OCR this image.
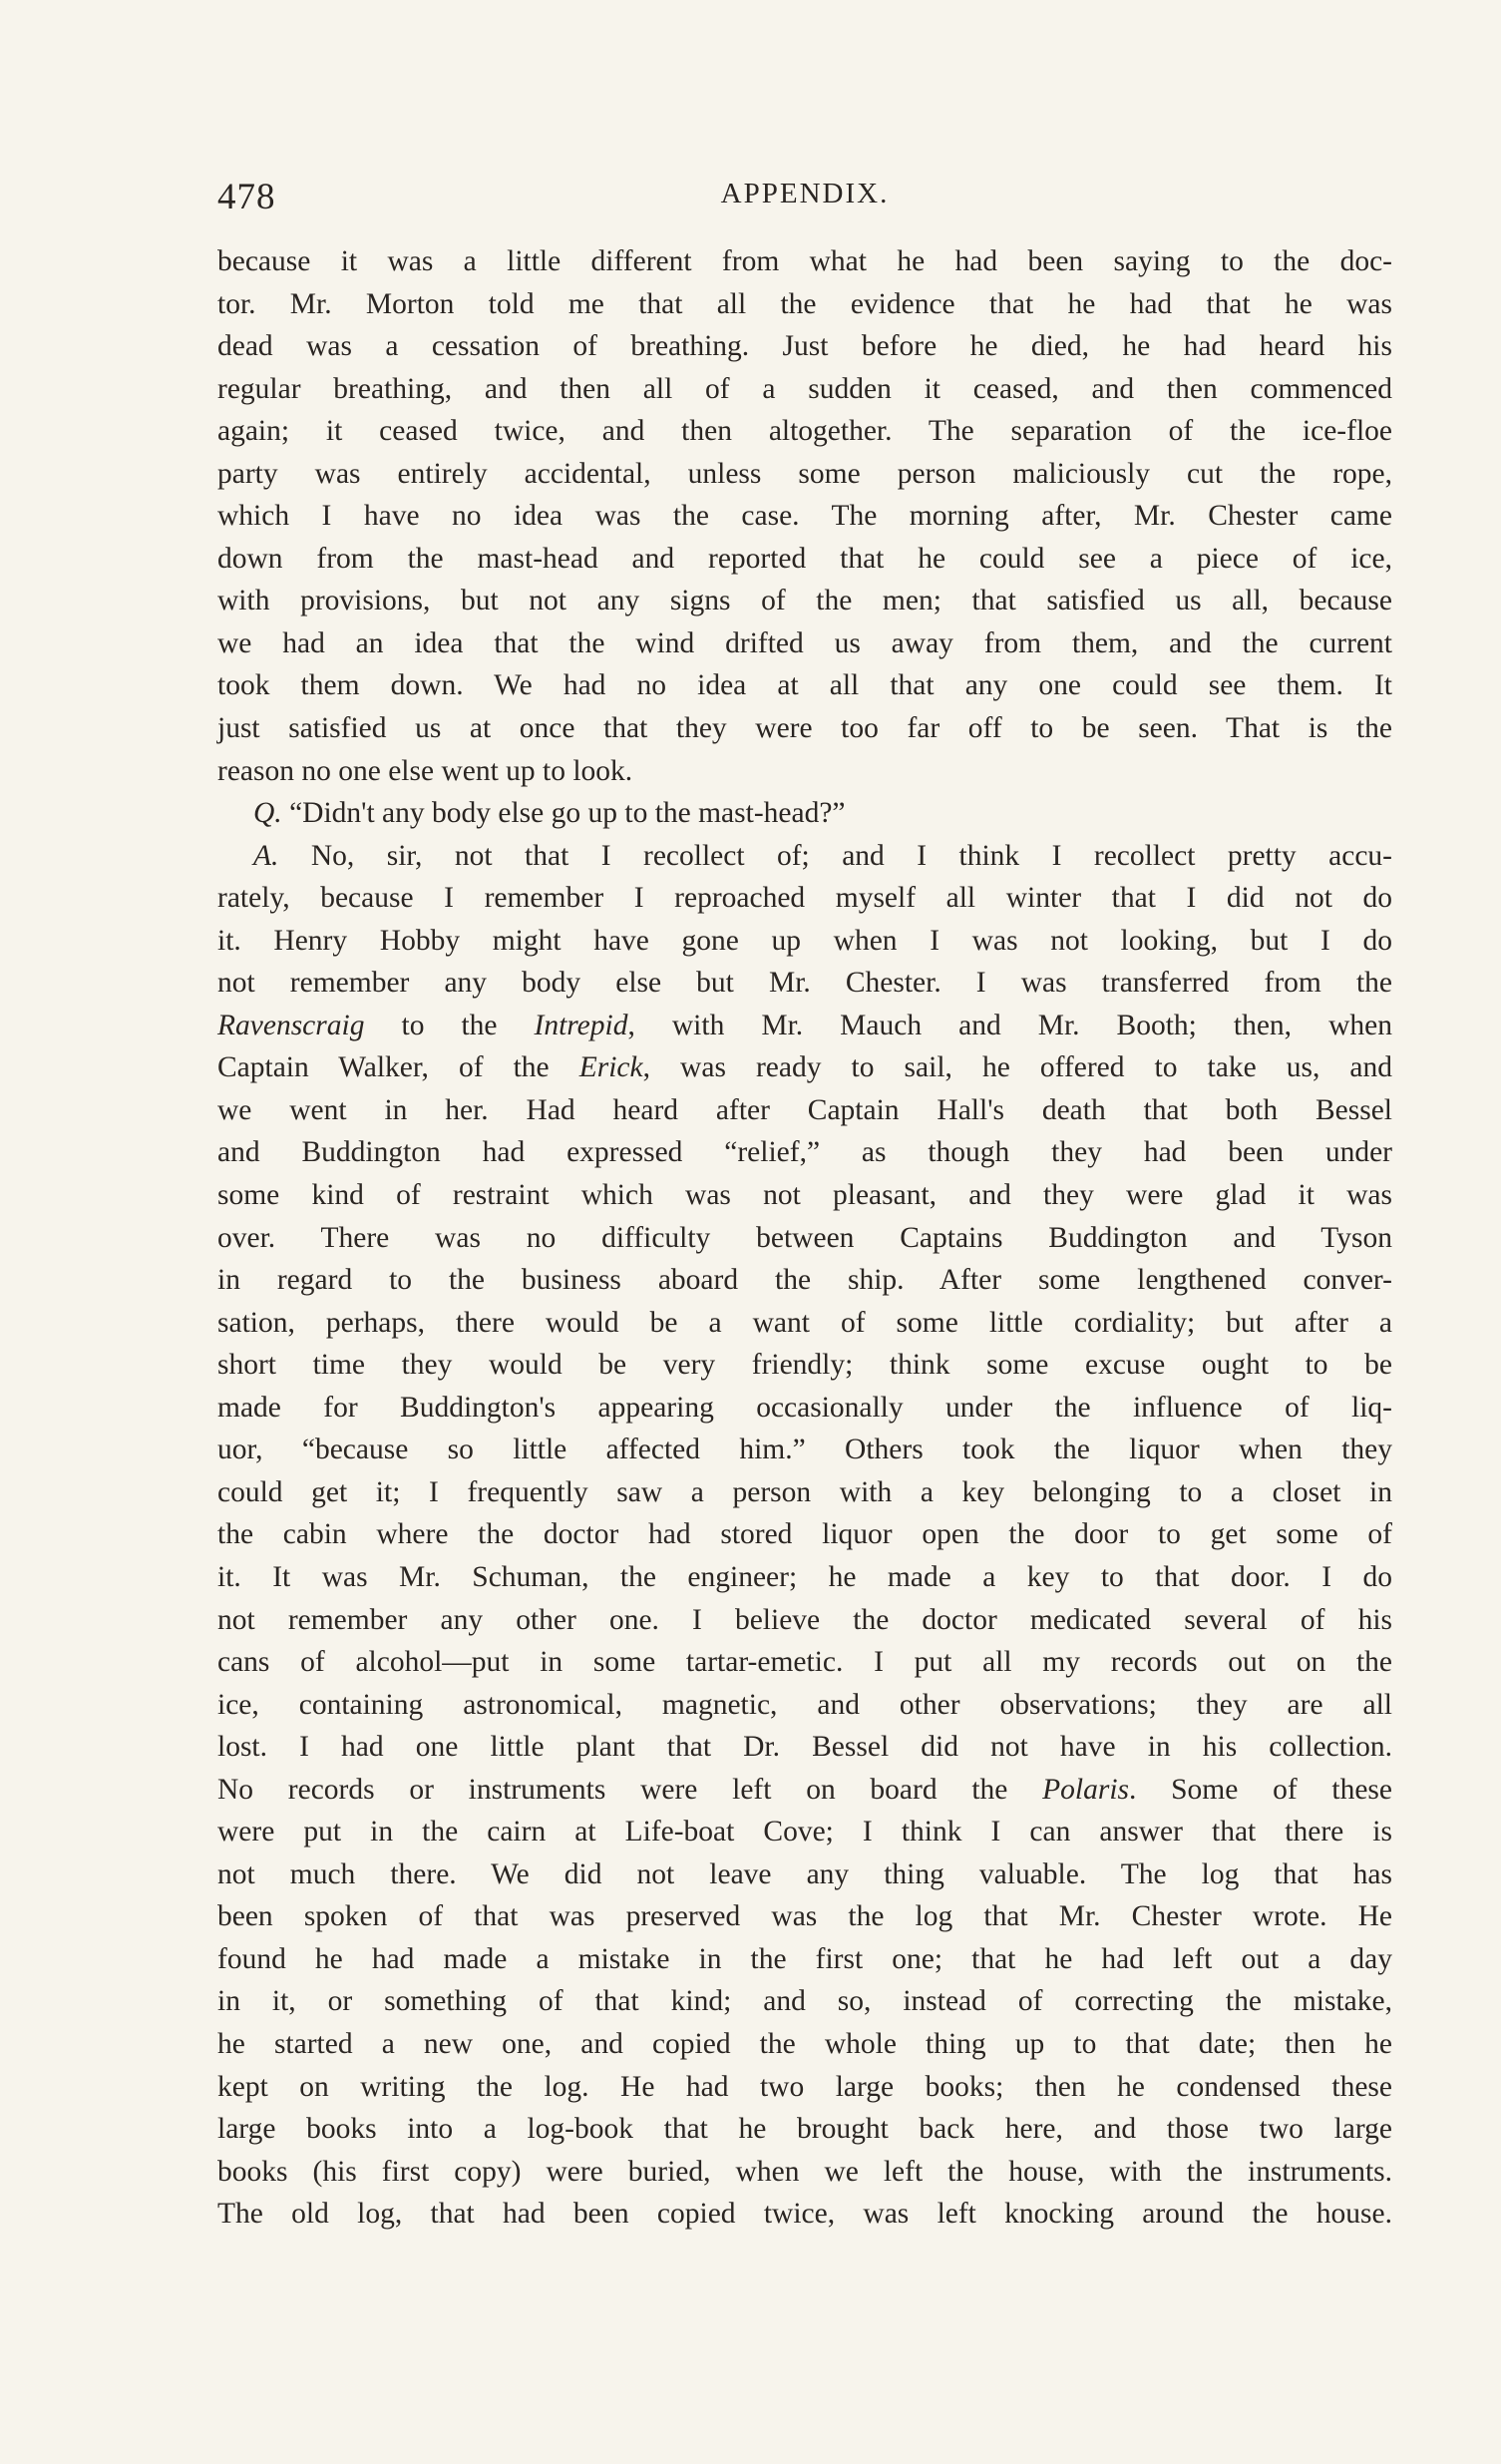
478	APPENDIX.
because it was a little different from what he had been saying to the doc-
tor. Mr. Morton told me that all the evidence that he had that he was
dead was a cessation of breathing. Just before he died, he had heard his
regular breathing, and then all of a sudden it ceased, and then commenced
again; it ceased twice, and then altogether. The separation of the ice-floe
party was entirely accidental, unless some person maliciously cut the rope,
which I have no idea was the case. The morning after, Mr. Chester came
down from the mast-head and reported that he could see a piece of ice,
with provisions, but not any signs of the men; that satisfied us all, because
we had an idea that the wind drifted us away from them, and the current
took them down. We had no idea at all that any one could see them. It
just satisfied us at once that they were too far off to be seen. That is the
reason no one else went up to look.
Q. “Didn't any body else go up to the mast-head?”
A. No, sir, not that I recollect of; and I think I recollect pretty accu-
rately, because I remember I reproached myself all winter that I did not do
it. Henry Hobby might have gone up when I was not looking, but I do
not remember any body else but Mr. Chester. I was transferred from the
Ravenscraig to the Intrepid, with Mr. Mauch and Mr. Booth; then, when
Captain Walker, of the Erick, was ready to sail, he offered to take us, and
we went in her. Had heard after Captain Hall's death that both Bessel
and Buddington had expressed “relief,” as though they had been under
some kind of restraint which was not pleasant, and they were glad it was
over. There was no difficulty between Captains Buddington and Tyson
in regard to the business aboard the ship. After some lengthened conver-
sation, perhaps, there would be a want of some little cordiality; but after a
short time they would be very friendly; think some excuse ought to be
made for Buddington's appearing occasionally under the influence of liq-
uor, “because so little affected him.” Others took the liquor when they
could get it; I frequently saw a person with a key belonging to a closet in
the cabin where the doctor had stored liquor open the door to get some of
it. It was Mr. Schuman, the engineer; he made a key to that door. I do
not remember any other one. I believe the doctor medicated several of his
cans of alcohol—put in some tartar-emetic. I put all my records out on the
ice, containing astronomical, magnetic, and other observations; they are all
lost. I had one little plant that Dr. Bessel did not have in his collection.
No records or instruments were left on board the Polaris. Some of these
were put in the cairn at Life-boat Cove; I think I can answer that there is
not much there. We did not leave any thing valuable. The log that has
been spoken of that was preserved was the log that Mr. Chester wrote. He
found he had made a mistake in the first one; that he had left out a day
in it, or something of that kind; and so, instead of correcting the mistake,
he started a new one, and copied the whole thing up to that date; then he
kept on writing the log. He had two large books; then he condensed these
large books into a log-book that he brought back here, and those two large
books (his first copy) were buried, when we left the house, with the instruments.
The old log, that had been copied twice, was left knocking around the house.
